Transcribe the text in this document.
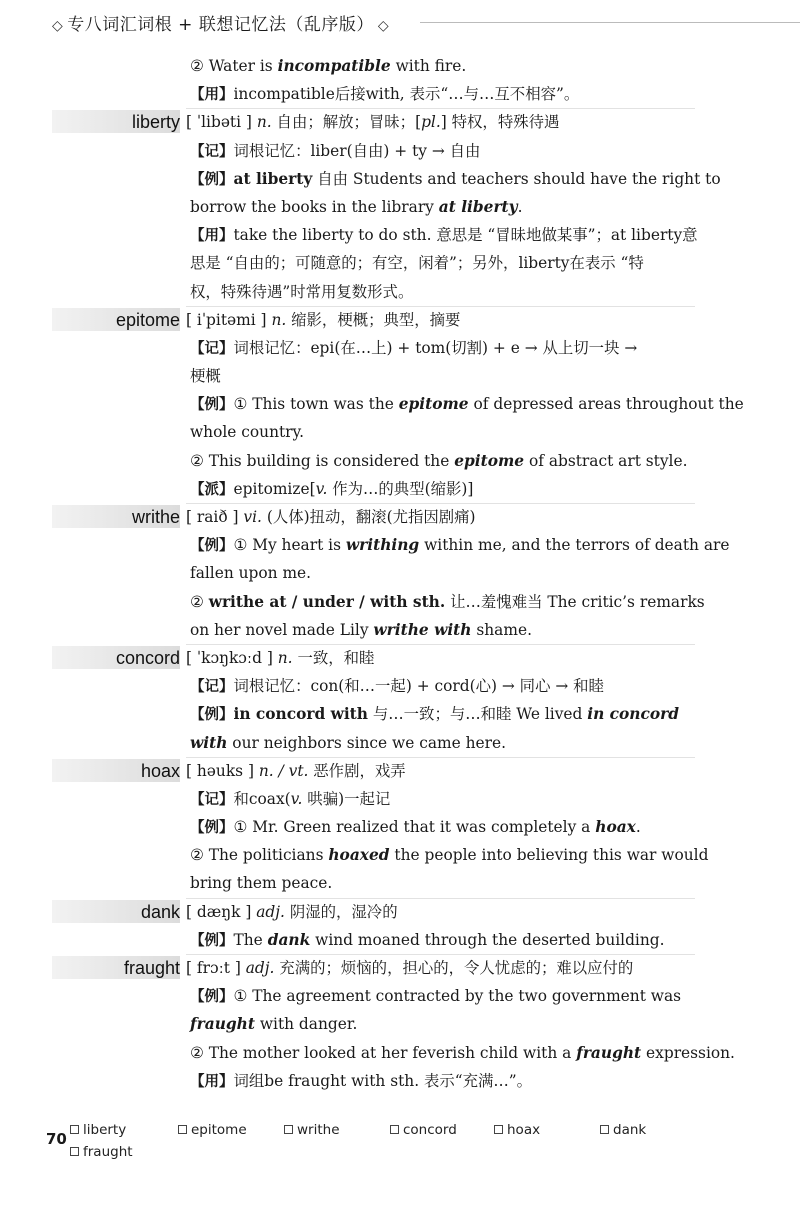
◇ 专八词汇词根 + 联想记忆法（乱序版） ◇
② Water is incompatible with fire.
【用】incompatible后接with, 表示“…与…互不相容”。
liberty [ ˈlibəti ] n. 自由；解放；冒昧；[pl.] 特权，特殊待遇
【记】词根记忆：liber(自由) + ty → 自由
【例】at liberty 自由 Students and teachers should have the right to
borrow the books in the library at liberty.
【用】take the liberty to do sth. 意思是 “冒昧地做某事”；at liberty意
思是 “自由的；可随意的；有空，闲着”；另外，liberty在表示 “特
权，特殊待遇”时常用复数形式。
epitome [ iˈpitəmi ] n. 缩影，梗概；典型，摘要
【记】词根记忆：epi(在…上) + tom(切割) + e → 从上切一块 →
梗概
【例】① This town was the epitome of depressed areas throughout the
whole country.
② This building is considered the epitome of abstract art style.
【派】epitomize[v. 作为…的典型(缩影)]
writhe [ raið ] vi. (人体)扭动，翻滚(尤指因剧痛)
【例】① My heart is writhing within me, and the terrors of death are
fallen upon me.
② writhe at / under / with sth. 让…羞愧难当 The critic’s remarks
on her novel made Lily writhe with shame.
concord [ ˈkɔŋkɔːd ] n. 一致，和睦
【记】词根记忆：con(和…一起) + cord(心) → 同心 → 和睦
【例】in concord with 与…一致；与…和睦 We lived in concord
with our neighbors since we came here.
hoax [ həuks ] n. / vt. 恶作剧，戏弄
【记】和coax(v. 哄骗)一起记
【例】① Mr. Green realized that it was completely a hoax.
② The politicians hoaxed the people into believing this war would
bring them peace.
dank [ dæŋk ] adj. 阴湿的，湿冷的
【例】The dank wind moaned through the deserted building.
fraught [ frɔːt ] adj. 充满的；烦恼的，担心的，令人忧虑的；难以应付的
【例】① The agreement contracted by the two government was
fraught with danger.
② The mother looked at her feverish child with a fraught expression.
【用】词组be fraught with sth. 表示“充满…”。
70	liberty	epitome	writhe	concord	hoax	dank
fraught
